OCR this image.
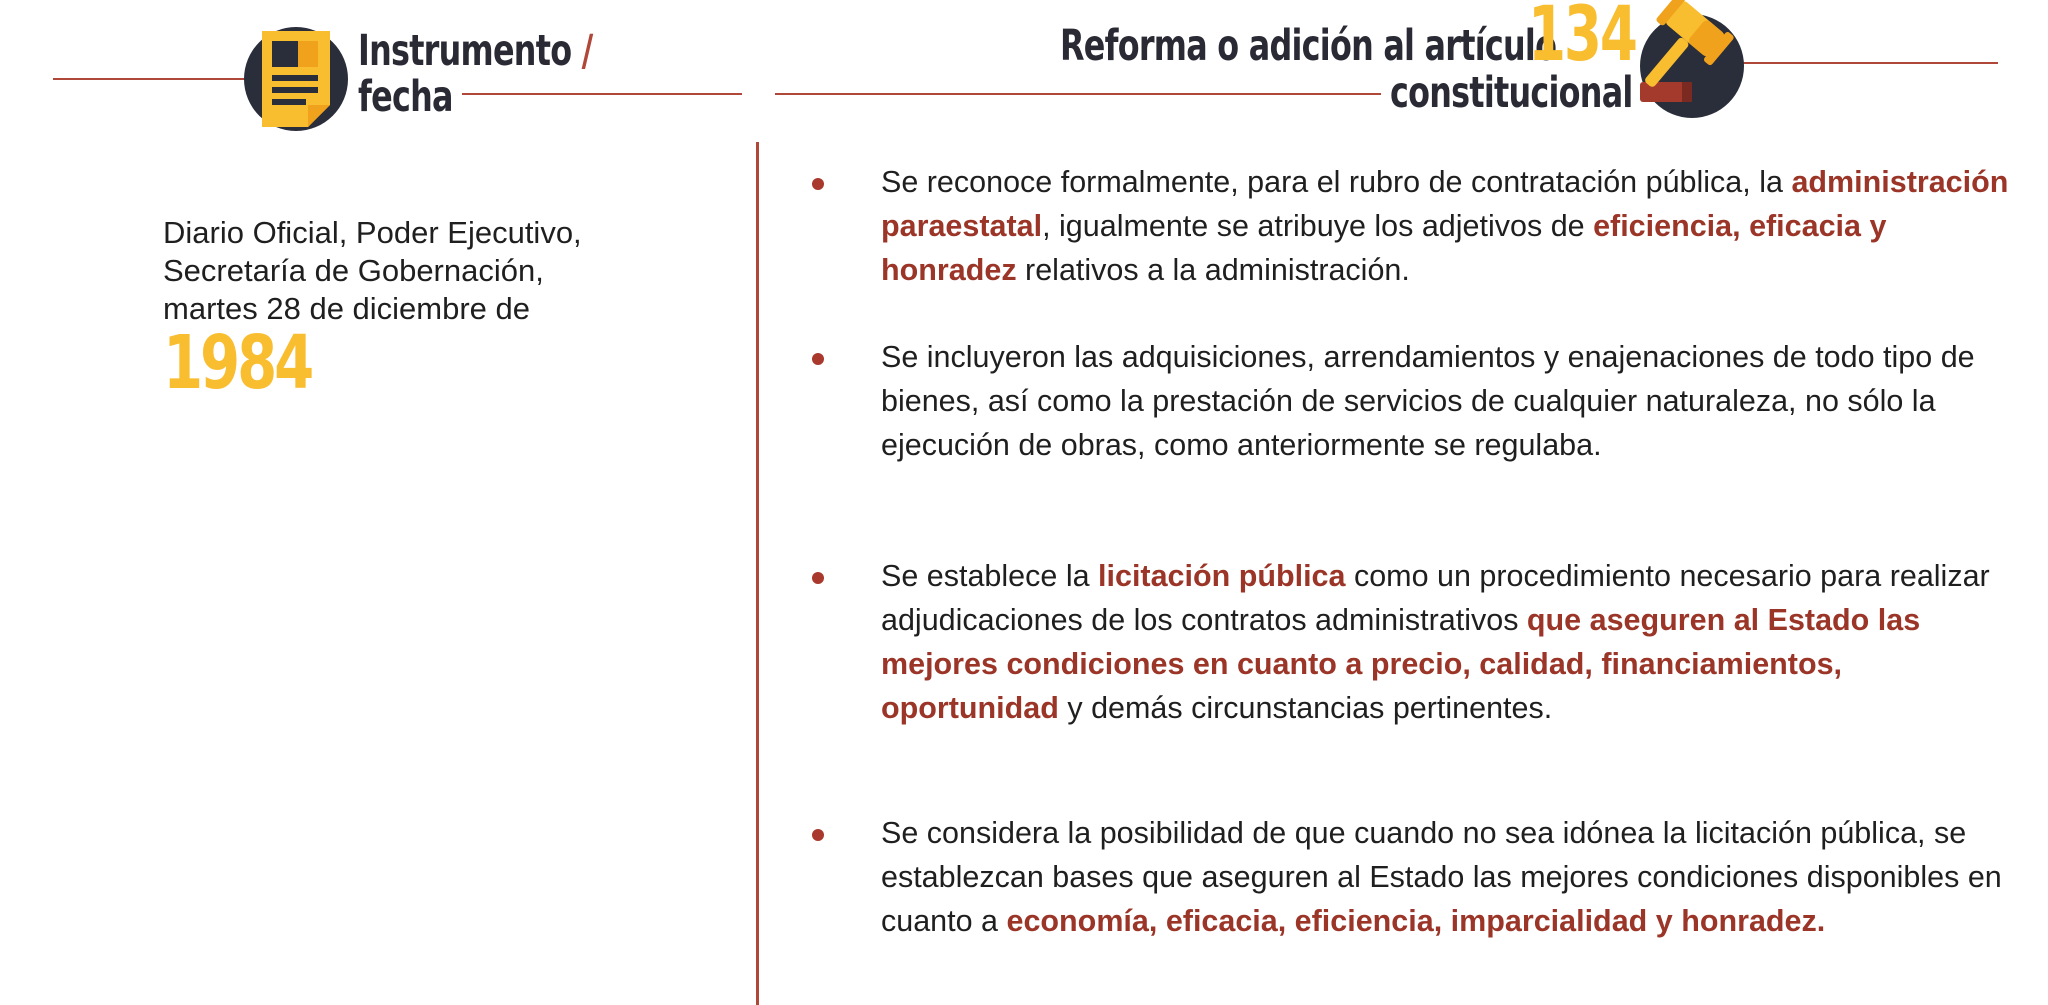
Instrumento /
fecha
Reforma o adición al artículo
134
constitucional
Diario Oficial, Poder Ejecutivo,
Secretaría de Gobernación,
martes 28 de diciembre de
1984
Se reconoce formalmente, para el rubro de contratación pública, la administración paraestatal, igualmente se atribuye los adjetivos de eficiencia, eficacia y honradez relativos a la administración.
Se incluyeron las adquisiciones, arrendamientos y enajenaciones de todo tipo de bienes, así como la prestación de servicios de cualquier naturaleza, no sólo la ejecución de obras, como anteriormente se regulaba.
Se establece la licitación pública como un procedimiento necesario para realizar adjudicaciones de los contratos administrativos que aseguren al Estado las mejores condiciones en cuanto a precio, calidad, financiamientos, oportunidad y demás circunstancias pertinentes.
Se considera la posibilidad de que cuando no sea idónea la licitación pública, se establezcan bases que aseguren al Estado las mejores condiciones disponibles en cuanto a economía, eficacia, eficiencia, imparcialidad y honradez.
